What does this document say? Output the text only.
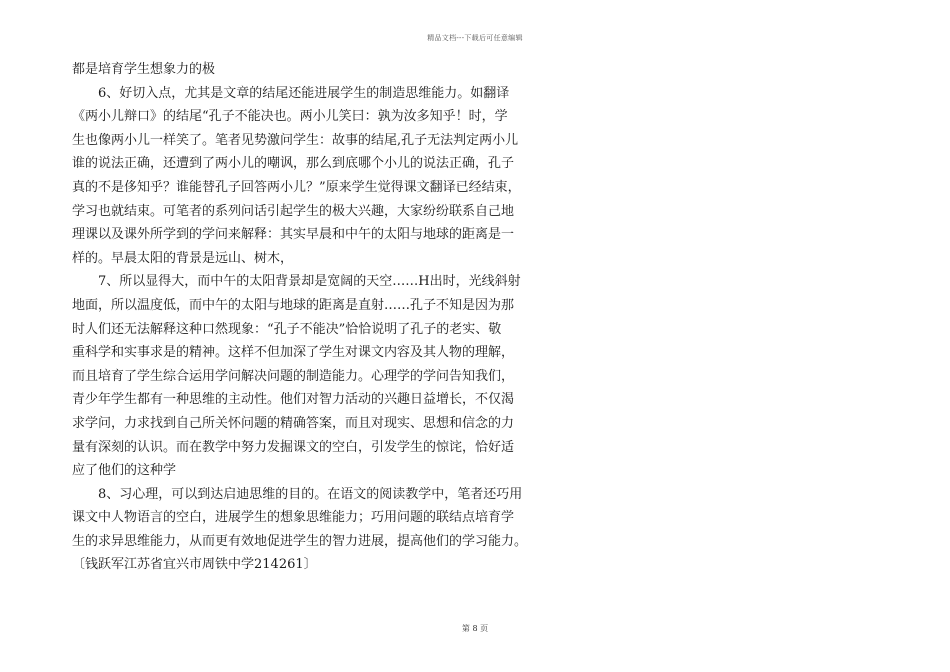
精品文档---下载后可任意编辑
都是培育学生想象力的极
6、好切入点，尤其是文章的结尾还能进展学生的制造思维能力。如翻译
《两小儿辩口》的结尾“孔子不能决也。两小儿笑曰：孰为汝多知乎！时，学
生也像两小儿一样笑了。笔者见势激问学生：故事的结尾,孔子无法判定两小儿
谁的说法正确，还遭到了两小儿的嘲讽，那么到底哪个小儿的说法正确，孔子
真的不是侈知乎？谁能替孔子回答两小儿？”原来学生觉得课文翻译已经结束，
学习也就结束。可笔者的系列问话引起学生的极大兴趣，大家纷纷联系自己地
理课以及课外所学到的学问来解释：其实早晨和中午的太阳与地球的距离是一
样的。早晨太阳的背景是远山、树木，
7、所以显得大，而中午的太阳背景却是宽阔的天空……H出时，光线斜射
地面，所以温度低，而中午的太阳与地球的距离是直射……孔子不知是因为那
时人们还无法解释这种口然现象：“孔子不能决”恰恰说明了孔子的老实、敬
重科学和实事求是的精神。这样不但加深了学生对课文内容及其人物的理解，
而且培育了学生综合运用学问解决问题的制造能力。心理学的学问告知我们，
青少年学生都有一种思维的主动性。他们对智力活动的兴趣日益增长，不仅渴
求学问，力求找到自己所关怀问题的精确答案，而且对现实、思想和信念的力
量有深刻的认识。而在教学中努力发掘课文的空白，引发学生的惊诧，恰好适
应了他们的这种学
8、习心理，可以到达启迪思维的目的。在语文的阅读教学中，笔者还巧用
课文中人物语言的空白，进展学生的想象思维能力；巧用问题的联结点培育学
生的求异思维能力，从而更有效地促进学生的智力进展，提高他们的学习能力。
〔钱跃军江苏省宜兴市周铁中学214261〕
第 8 页
